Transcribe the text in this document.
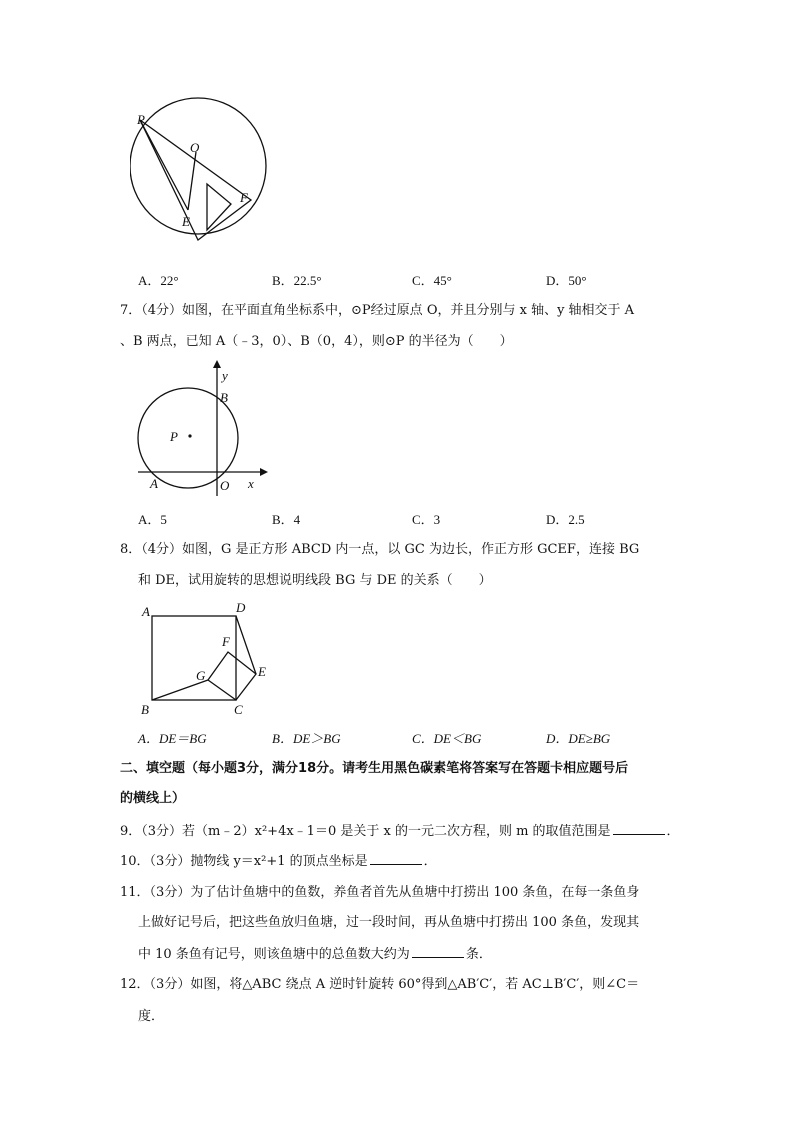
P
O
F
E
A．22°	B．22.5°	C．45°	D．50°
7．（4分）如图，在平面直角坐标系中，⊙P经过原点 O，并且分别与 x 轴、y 轴相交于 A
、B 两点，已知 A（﹣3，0）、B（0，4），则⊙P 的半径为（　　）
y
B
P
A	O x
A．5	B．4	C．3	D．2.5
8．（4分）如图，G 是正方形 ABCD 内一点，以 GC 为边长，作正方形 GCEF，连接 BG
和 DE，试用旋转的思想说明线段 BG 与 DE 的关系（　　）
A	D
F
G	E
B	C
A．DE＝BG	B．DE＞BG	C．DE＜BG	D．DE≥BG
二、填空题（每小题3分，满分18分。请考生用黑色碳素笔将答案写在答题卡相应题号后
的横线上）
9．（3分）若（m﹣2）x²+4x﹣1＝0 是关于 x 的一元二次方程，则 m 的取值范围是	．
10．（3分）抛物线 y＝x²+1 的顶点坐标是	．
11．（3分）为了估计鱼塘中的鱼数，养鱼者首先从鱼塘中打捞出 100 条鱼，在每一条鱼身
上做好记号后，把这些鱼放归鱼塘，过一段时间，再从鱼塘中打捞出 100 条鱼，发现其
中 10 条鱼有记号，则该鱼塘中的总鱼数大约为	条．
12．（3分）如图，将△ABC 绕点 A 逆时针旋转 60°得到△AB′C′，若 AC⊥B′C′，则∠C＝
度．
